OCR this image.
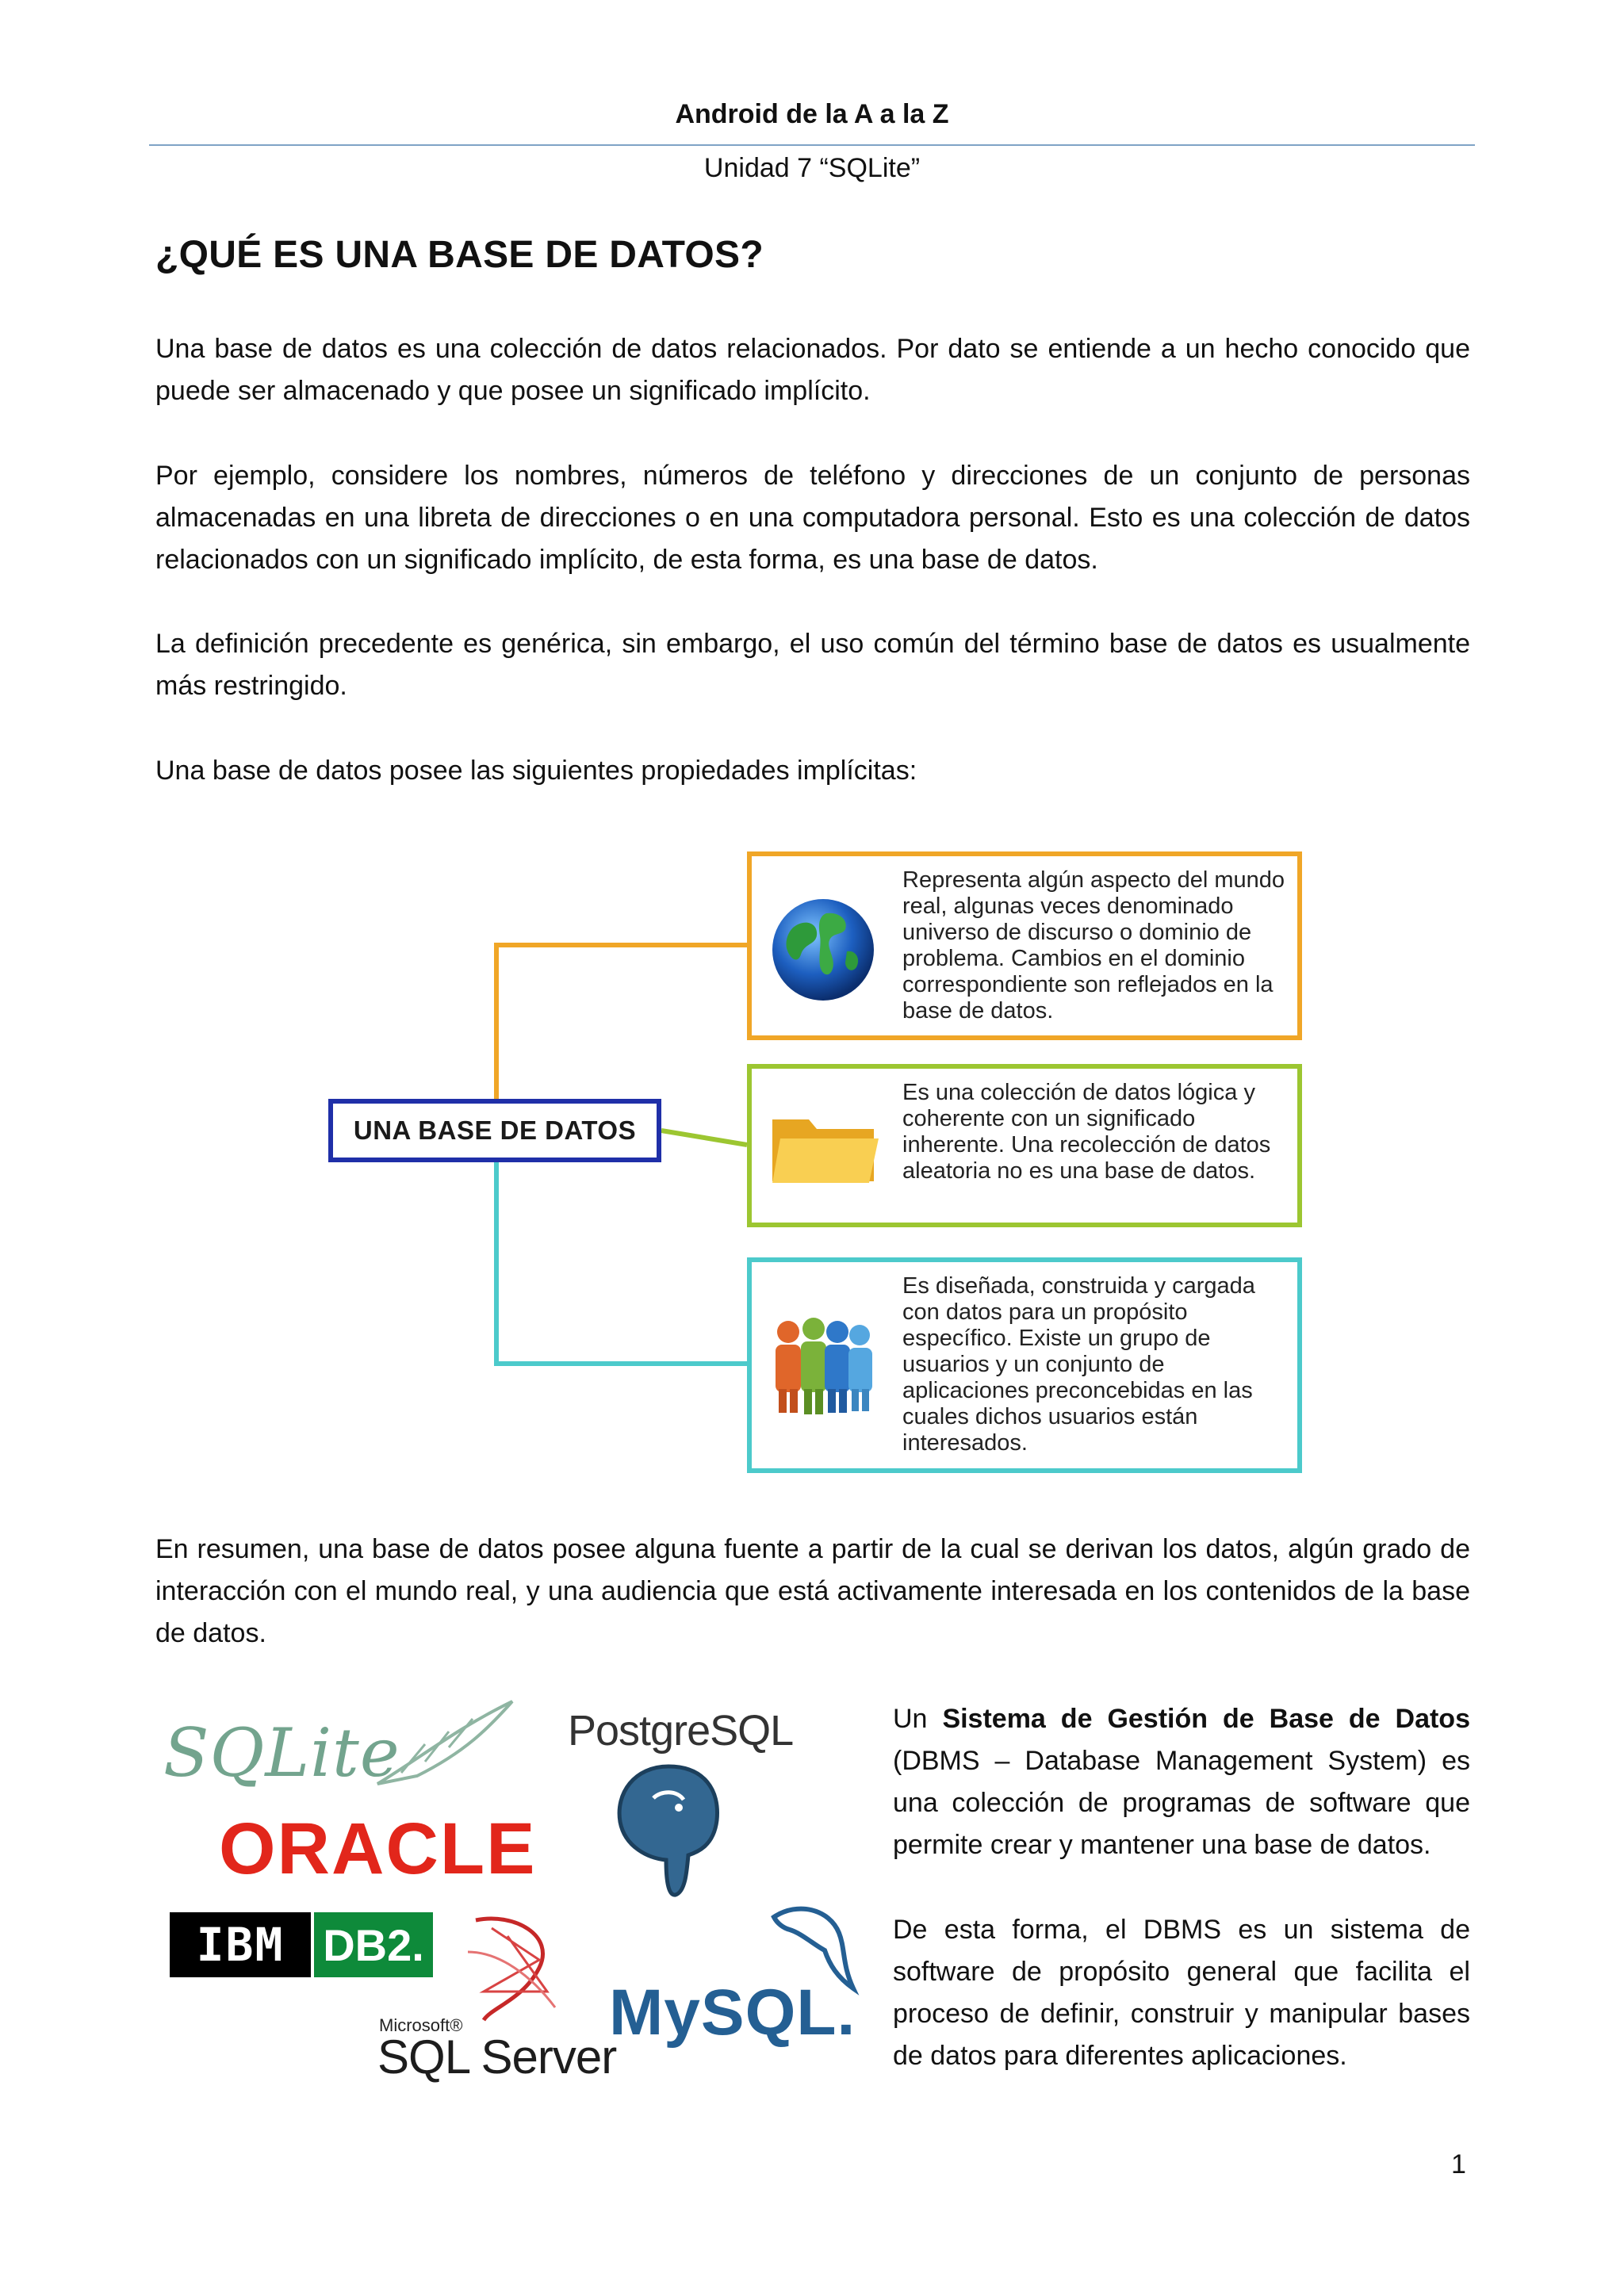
Android de la A a la Z
Unidad 7 “SQLite”
¿QUÉ ES UNA BASE DE DATOS?

Una base de datos es una colección de datos relacionados. Por dato se entiende a un hecho conocido que puede ser almacenado y que posee un significado implícito.

Por ejemplo, considere los nombres, números de teléfono y direcciones de un conjunto de personas almacenadas en una libreta de direcciones o en una computadora personal. Esto es una colección de datos relacionados con un significado implícito, de esta forma, es una base de datos.

La definición precedente es genérica, sin embargo, el uso común del término base de datos es usualmente más restringido.

Una base de datos posee las siguientes propiedades implícitas:

UNA BASE DE DATOS

Representa algún aspecto del mundo real, algunas veces denominado universo de discurso o dominio de problema. Cambios en el dominio correspondiente son reflejados en la base de datos.

Es una colección de datos lógica y coherente con un significado inherente. Una recolección de datos aleatoria no es una base de datos.

Es diseñada, construida y cargada con datos para un propósito específico. Existe un grupo de usuarios y un conjunto de aplicaciones preconcebidas en las cuales dichos usuarios están interesados.

En resumen, una base de datos posee alguna fuente a partir de la cual se derivan los datos, algún grado de interacción con el mundo real, y una audiencia que está activamente interesada en los contenidos de la base de datos.

SQLite	PostgreSQL
ORACLE
IBM DB2.
Microsoft®
SQL Server
MySQL.

Un Sistema de Gestión de Base de Datos (DBMS – Database Management System) es una colección de programas de software que permite crear y mantener una base de datos.

De esta forma, el DBMS es un sistema de software de propósito general que facilita el proceso de definir, construir y manipular bases de datos para diferentes aplicaciones.

1
